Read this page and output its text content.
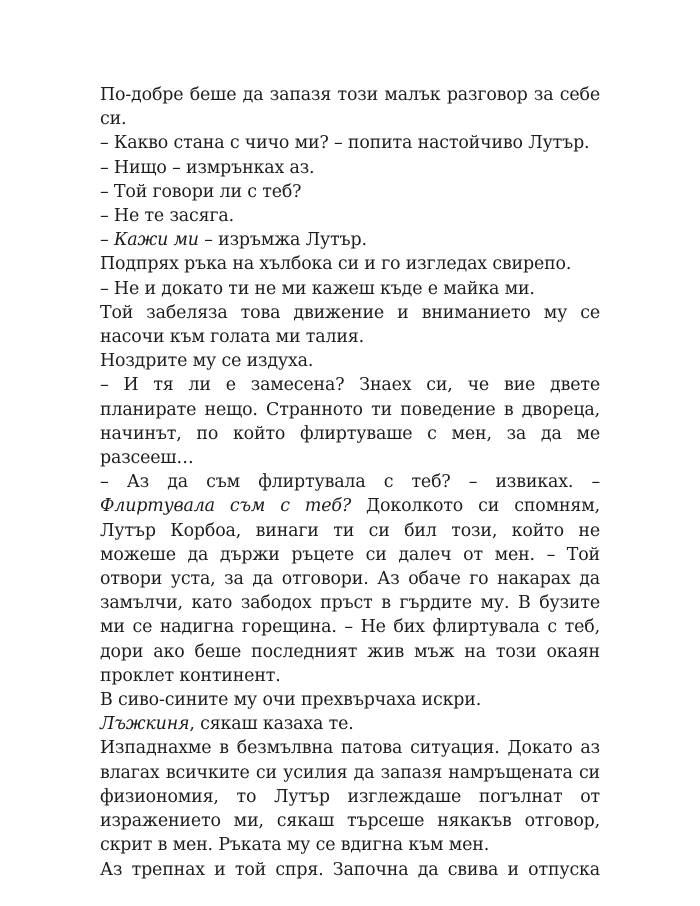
По-добре беше да запазя този малък разговор за себе си.

– Какво стана с чичо ми? – попита настойчиво Лутър.

– Нищо – измрънках аз.

– Той говори ли с теб?

– Не те засяга.

– Кажи ми – изръмжа Лутър.

Подпрях ръка на хълбока си и го изгледах свирепо.

– Не и докато ти не ми кажеш къде е майка ми.

Той забеляза това движение и вниманието му се насочи към голата ми талия.

Ноздрите му се издуха.

– И тя ли е замесена? Знаех си, че вие двете планирате нещо. Странното ти поведение в двореца, начинът, по който флиртуваше с мен, за да ме разсееш…

– Аз да съм флиртувала с теб? – извиках. – Флиртувала съм с теб? Доколкото си спомням, Лутър Корбоа, винаги ти си бил този, който не можеше да държи ръцете си далеч от мен. – Той отвори уста, за да отговори. Аз обаче го накарах да замълчи, като забодох пръст в гърдите му. В бузите ми се надигна горещина. – Не бих флиртувала с теб, дори ако беше последният жив мъж на този окаян проклет континент.

В сиво-сините му очи прехвърчаха искри.

Лъжкиня, сякаш казаха те.

Изпаднахме в безмълвна патова ситуация. Докато аз влагах всичките си усилия да запазя намръщената си физиономия, то Лутър изглеждаше погълнат от изражението ми, сякаш търсеше някакъв отговор, скрит в мен. Ръката му се вдигна към мен.

Аз трепнах и той спря. Започна да свива и отпуска
